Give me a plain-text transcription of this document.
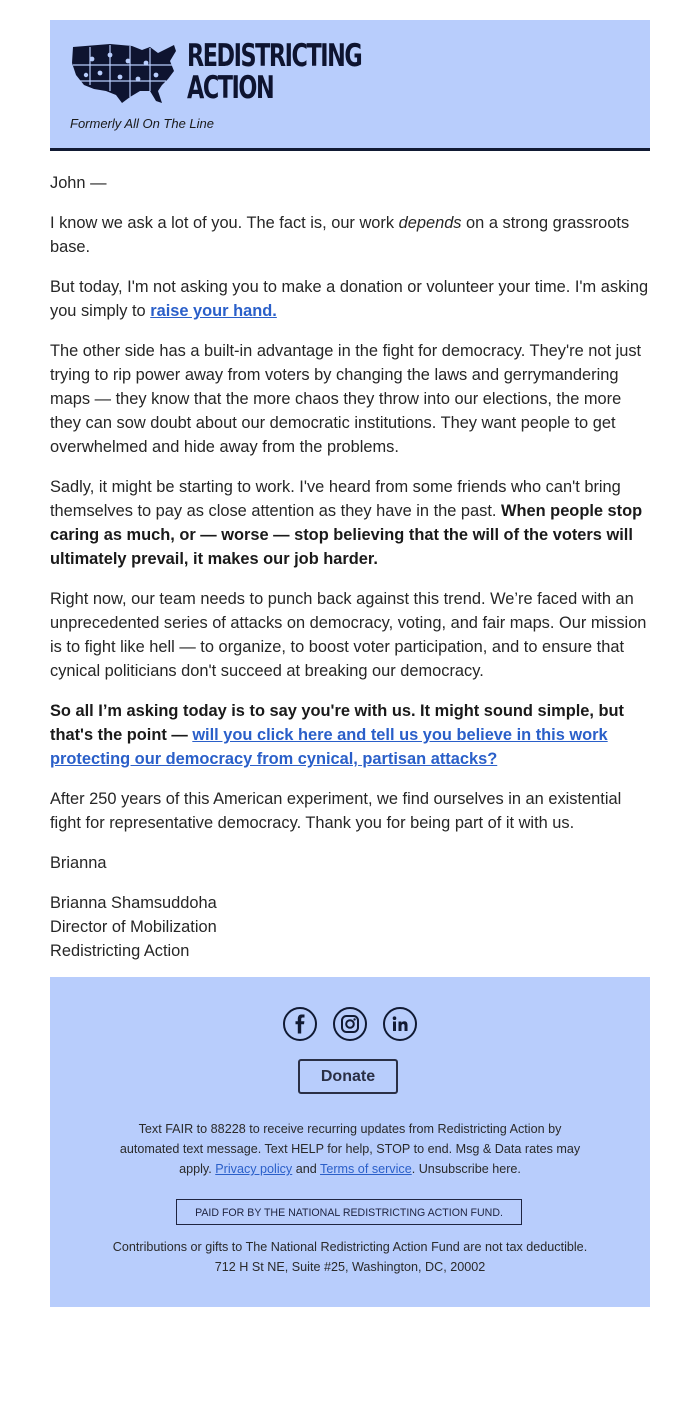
REDISTRICTING
ACTION
Formerly All On The Line

John —

I know we ask a lot of you. The fact is, our work depends on a strong grassroots base.

But today, I'm not asking you to make a donation or volunteer your time. I'm asking you simply to raise your hand.

The other side has a built-in advantage in the fight for democracy. They're not just trying to rip power away from voters by changing the laws and gerrymandering maps — they know that the more chaos they throw into our elections, the more they can sow doubt about our democratic institutions. They want people to get overwhelmed and hide away from the problems.

Sadly, it might be starting to work. I've heard from some friends who can't bring themselves to pay as close attention as they have in the past. When people stop caring as much, or — worse — stop believing that the will of the voters will ultimately prevail, it makes our job harder.

Right now, our team needs to punch back against this trend. We’re faced with an unprecedented series of attacks on democracy, voting, and fair maps. Our mission is to fight like hell — to organize, to boost voter participation, and to ensure that cynical politicians don't succeed at breaking our democracy.

So all I’m asking today is to say you're with us. It might sound simple, but that's the point — will you click here and tell us you believe in this work protecting our democracy from cynical, partisan attacks?

After 250 years of this American experiment, we find ourselves in an existential fight for representative democracy. Thank you for being part of it with us.

Brianna

Brianna Shamsuddoha

Director of Mobilization

Redistricting Action

Donate
Text FAIR to 88228 to receive recurring updates from Redistricting Action by automated text message. Text HELP for help, STOP to end. Msg & Data rates may apply. Privacy policy and Terms of service. Unsubscribe here.
PAID FOR BY THE NATIONAL REDISTRICTING ACTION FUND.
Contributions or gifts to The National Redistricting Action Fund are not tax deductible.
712 H St NE, Suite #25, Washington, DC, 20002
